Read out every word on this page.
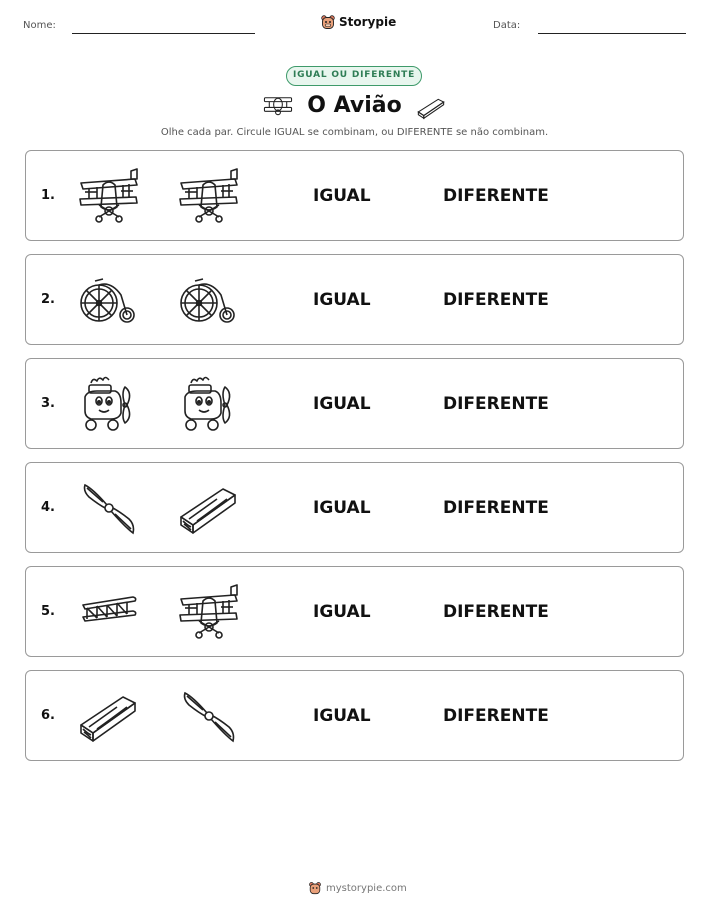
Nome:	Storypie	Data:
IGUAL OU DIFERENTE
O Avião
Olhe cada par. Circule IGUAL se combinam, ou DIFERENTE se não combinam.
1.	IGUAL	DIFERENTE
2.	IGUAL	DIFERENTE
3.	IGUAL	DIFERENTE
4.	IGUAL	DIFERENTE
5.	IGUAL	DIFERENTE
6.	IGUAL	DIFERENTE
mystorypie.com
